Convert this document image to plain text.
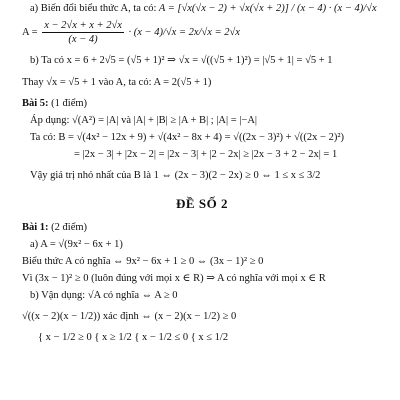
a) Biến đổi biểu thức A, ta có: A = [√x(√x − 2) + √x(√x + 2)] / (x − 4) · (x − 4)/√x
$A = \frac{x - 2√x + x + 2√x}{(x - 4)} \cdot (x - 4)/√x = 2x/√x = 2√x$
b) Ta có x = 6 + 2√5 = (√5 + 1)² ⇒ √x = √((√5 + 1)²) = |√5 + 1| = √5 + 1
Thay √x = √5 + 1 vào A, ta có: A = 2(√5 + 1)
Bài 5: (1 điểm)
Áp dụng: √(A²) = |A| và |A| + |B| ≥ |A + B| ; |A| = |−A|
Ta có: B = √(4x² − 12x + 9) + √(4x² − 8x + 4) = √((2x − 3)²) + √((2x − 2)²)
= |2x − 3| + |2x − 2| = |2x − 3| + |2 − 2x| ≥ |2x − 3 + 2 − 2x| = 1
Vậy giá trị nhỏ nhất của B là 1 ⇔ (2x − 3)(2 − 2x) ≥ 0 ⇔ 1 ≤ x ≤ 3/2
ĐỀ SỐ 2
Bài 1: (2 điểm)
a) A = √(9x² − 6x + 1)
Biểu thức A có nghĩa ⇔ 9x² − 6x + 1 ≥ 0 ⇔ (3x − 1)² ≥ 0
Vì (3x − 1)² ≥ 0 (luôn đúng với mọi x ∈ R) ⇒ A có nghĩa với mọi x ∈ R
b) Vận dụng: √A có nghĩa ⇔ A ≥ 0
√((x − 2)(x − 1/2)) xác định ⇔ (x − 2)(x − 1/2) ≥ 0
{ x − 1/2 ≥ 0 { x ≥ 1/2 { x − 1/2 ≤ 0 { x ≤ 1/2
